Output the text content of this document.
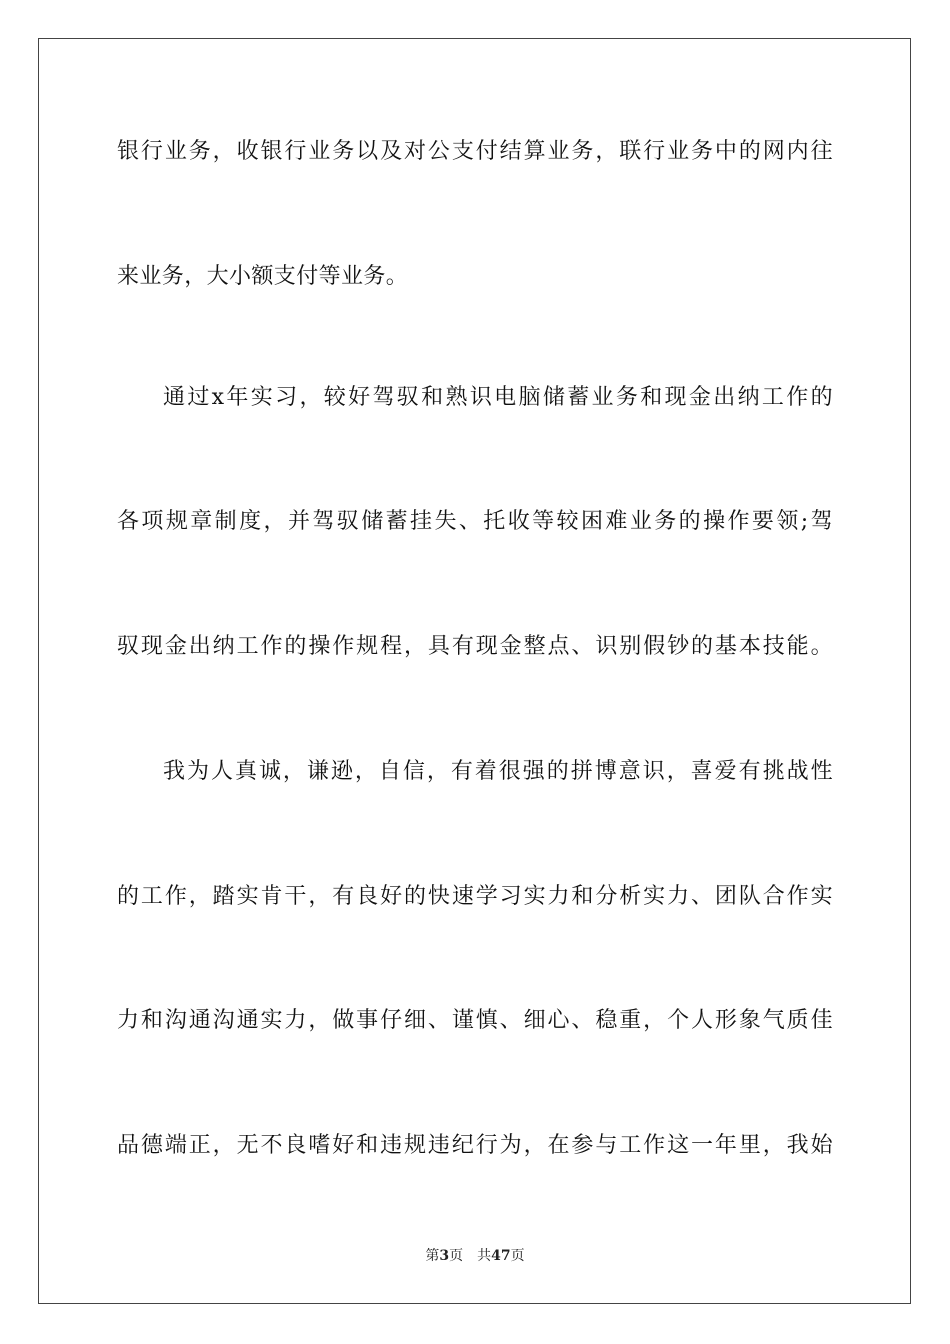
银行业务，收银行业务以及对公支付结算业务，联行业务中的网内往
来业务，大小额支付等业务。
通过x年实习，较好驾驭和熟识电脑储蓄业务和现金出纳工作的
各项规章制度，并驾驭储蓄挂失、托收等较困难业务的操作要领;驾
驭现金出纳工作的操作规程，具有现金整点、识别假钞的基本技能。
我为人真诚，谦逊，自信，有着很强的拼博意识，喜爱有挑战性
的工作，踏实肯干，有良好的快速学习实力和分析实力、团队合作实
力和沟通沟通实力，做事仔细、谨慎、细心、稳重，个人形象气质佳
品德端正，无不良嗜好和违规违纪行为，在参与工作这一年里，我始
第3页 共47页
